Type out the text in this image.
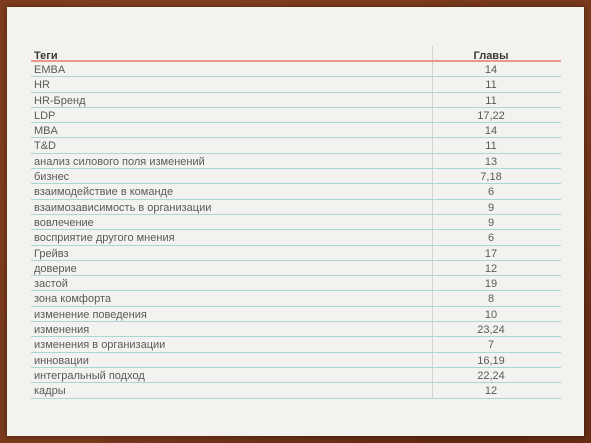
Теги	Главы
EMBA	14
HR	11
HR-Бренд	11
LDP	17,22
MBA	14
T&D	11
анализ силового поля изменений	13
бизнес	7,18
взаимодействие в команде	6
взаимозависимость в организации	9
вовлечение	9
восприятие другого мнения	6
Грейвз	17
доверие	12
застой	19
зона комфорта	8
изменение поведения	10
изменения	23,24
изменения в организации	7
инновации	16,19
интегральный подход	22,24
кадры	12
